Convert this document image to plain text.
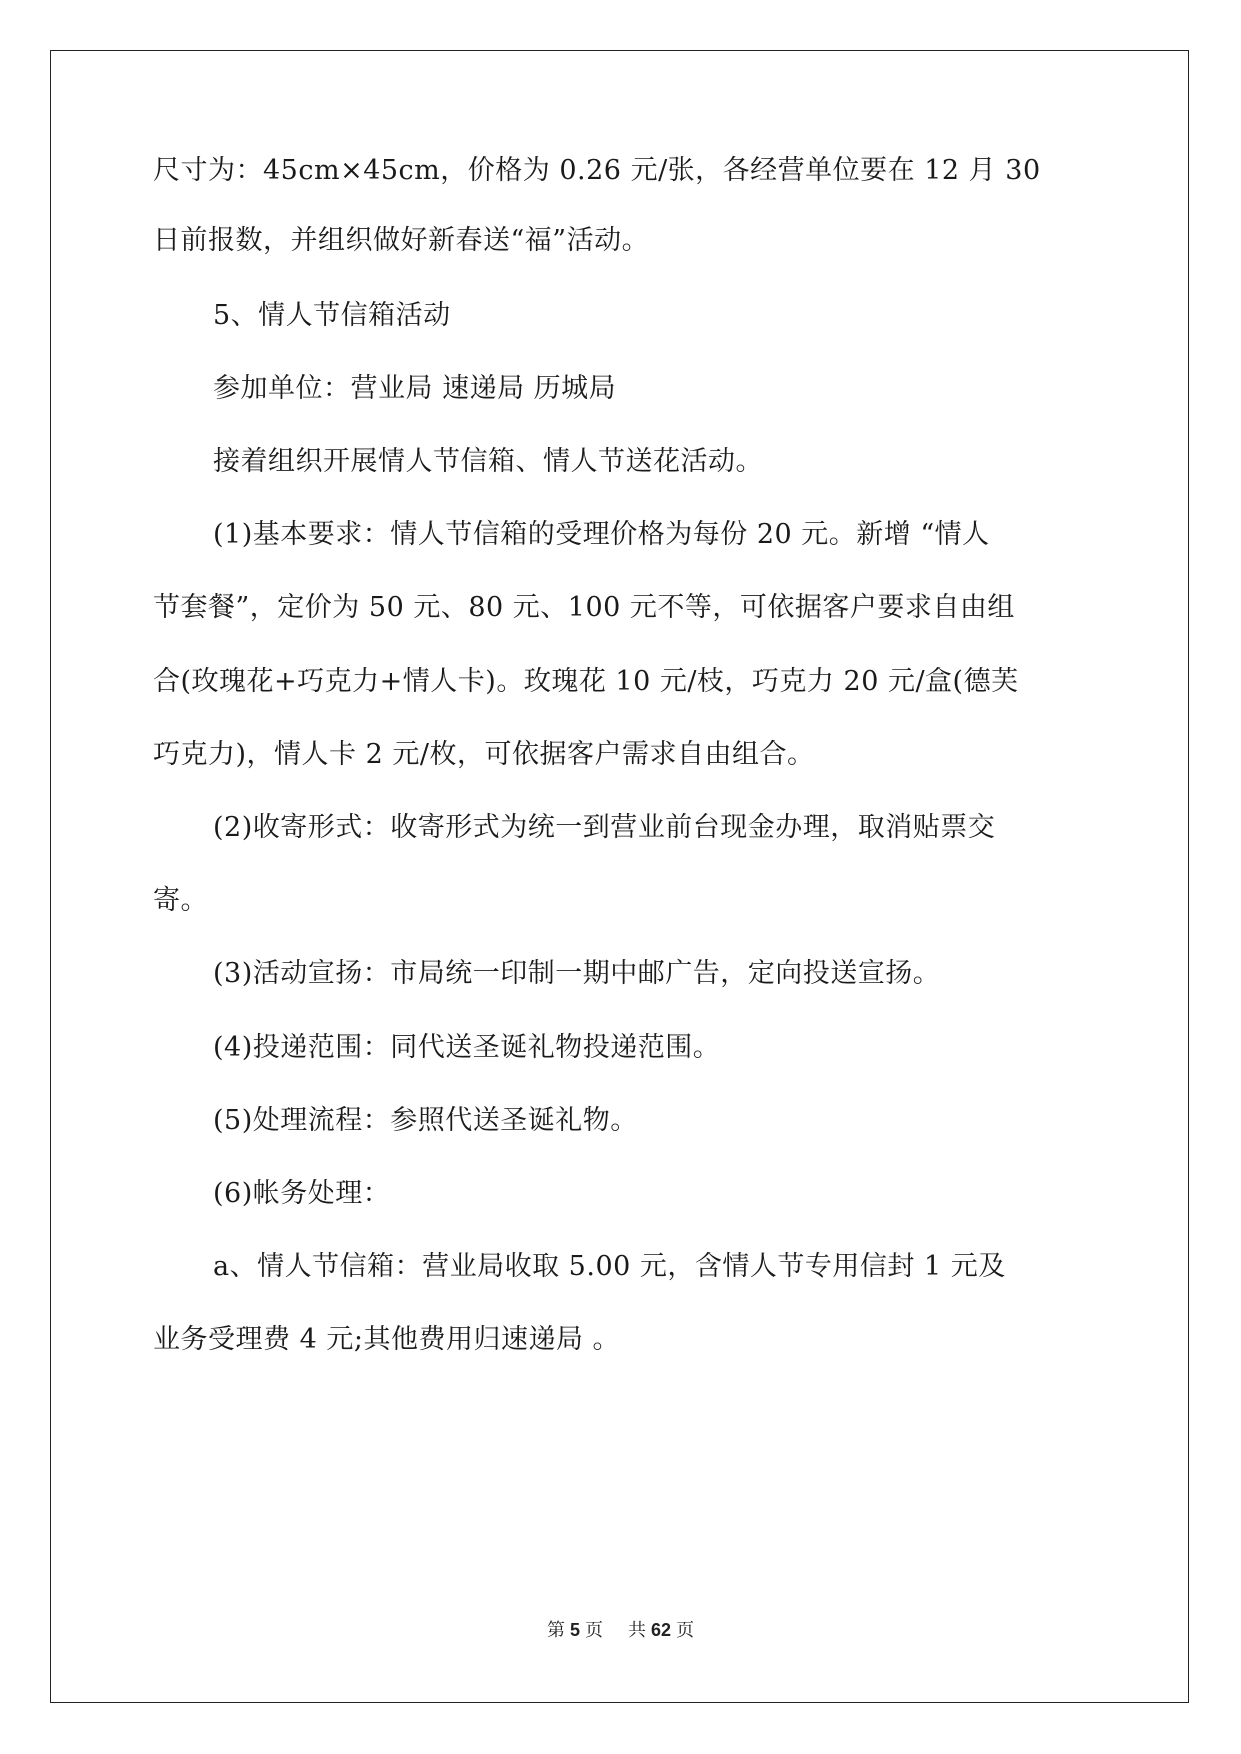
尺寸为：45cm×45cm，价格为 0.26 元/张，各经营单位要在 12 月 30
日前报数，并组织做好新春送“福”活动。
5、情人节信箱活动
参加单位：营业局 速递局 历城局
接着组织开展情人节信箱、情人节送花活动。
(1)基本要求：情人节信箱的受理价格为每份 20 元。新增 “情人
节套餐”，定价为 50 元、80 元、100 元不等，可依据客户要求自由组
合(玫瑰花+巧克力+情人卡)。玫瑰花 10 元/枝，巧克力 20 元/盒(德芙
巧克力)，情人卡 2 元/枚，可依据客户需求自由组合。
(2)收寄形式：收寄形式为统一到营业前台现金办理，取消贴票交
寄。
(3)活动宣扬：市局统一印制一期中邮广告，定向投送宣扬。
(4)投递范围：同代送圣诞礼物投递范围。
(5)处理流程：参照代送圣诞礼物。
(6)帐务处理：
a、情人节信箱：营业局收取 5.00 元，含情人节专用信封 1 元及
业务受理费 4 元;其他费用归速递局 。
第 5 页 共 62 页
